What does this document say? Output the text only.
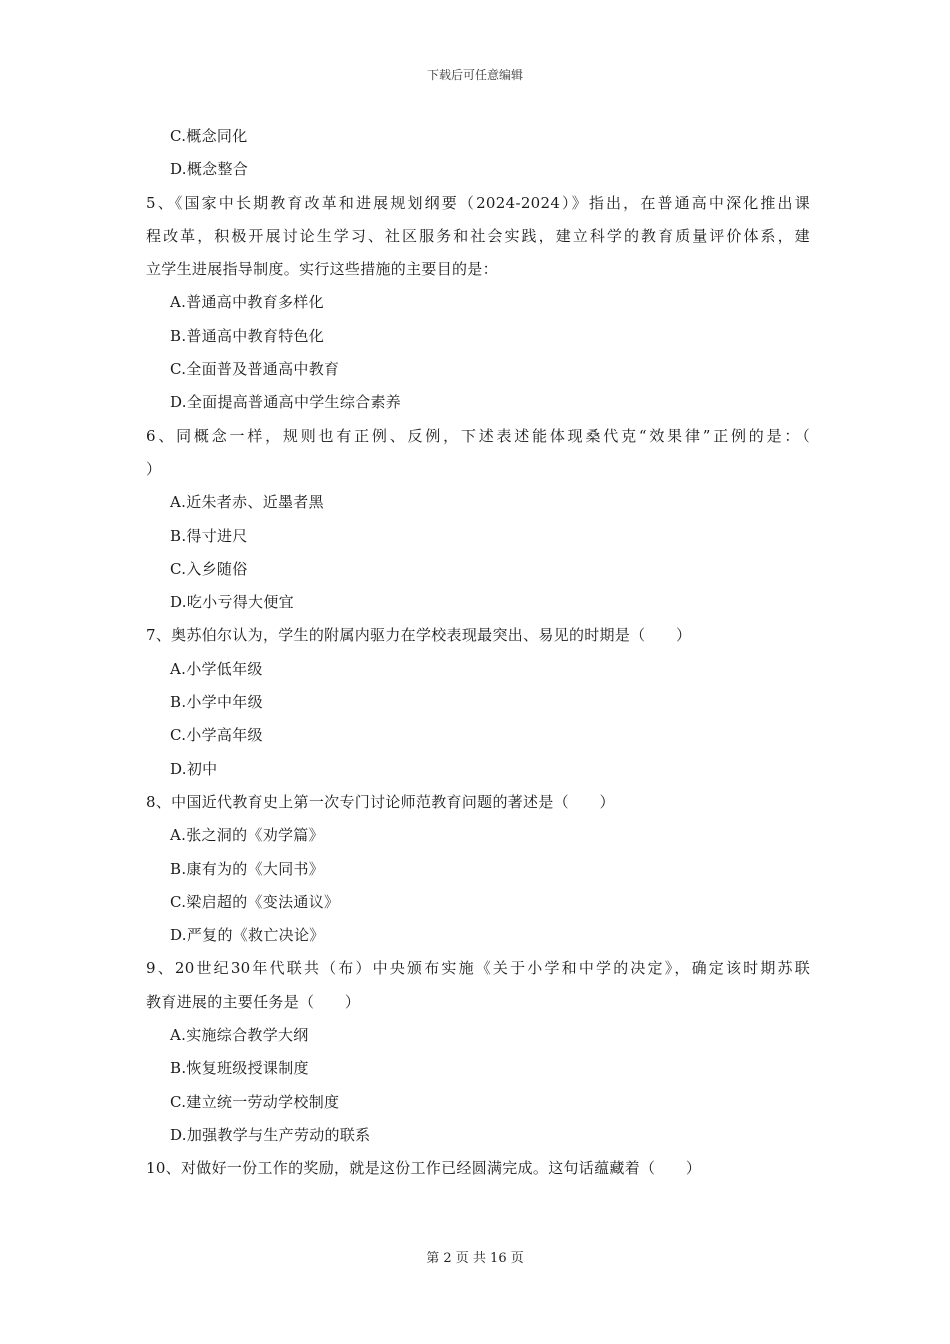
下载后可任意编辑
C.概念同化
D.概念整合
5、《国家中长期教育改革和进展规划纲要（2024-2024）》指出，在普通高中深化推出课
程改革，积极开展讨论生学习、社区服务和社会实践，建立科学的教育质量评价体系，建
立学生进展指导制度。实行这些措施的主要目的是：
A.普通高中教育多样化
B.普通高中教育特色化
C.全面普及普通高中教育
D.全面提高普通高中学生综合素养
6、同概念一样，规则也有正例、反例，下述表述能体现桑代克“效果律”正例的是：（
）
A.近朱者赤、近墨者黑
B.得寸进尺
C.入乡随俗
D.吃小亏得大便宜
7、奥苏伯尔认为，学生的附属内驱力在学校表现最突出、易见的时期是（　　）
A.小学低年级
B.小学中年级
C.小学高年级
D.初中
8、中国近代教育史上第一次专门讨论师范教育问题的著述是（　　）
A.张之洞的《劝学篇》
B.康有为的《大同书》
C.梁启超的《变法通议》
D.严复的《救亡决论》
9、20世纪30年代联共（布）中央颁布实施《关于小学和中学的决定》，确定该时期苏联
教育进展的主要任务是（　　）
A.实施综合教学大纲
B.恢复班级授课制度
C.建立统一劳动学校制度
D.加强教学与生产劳动的联系
10、对做好一份工作的奖励，就是这份工作已经圆满完成。这句话蕴藏着（　　）
第 2 页 共 16 页
